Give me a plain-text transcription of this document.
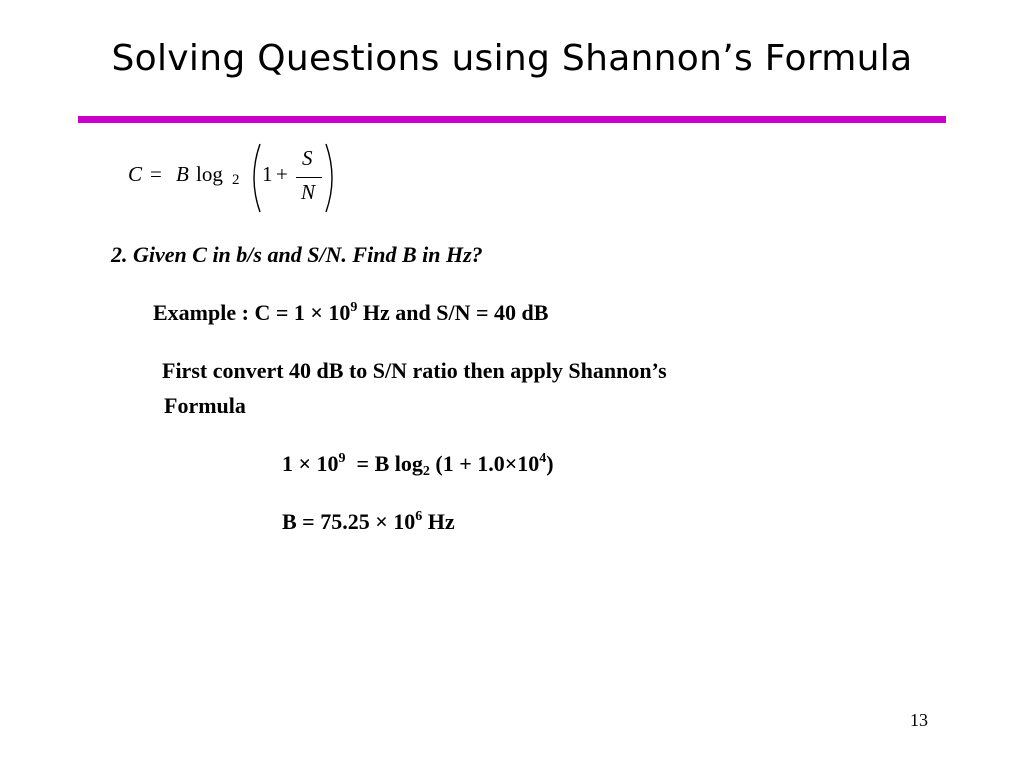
Solving Questions using Shannon’s Formula
C = B log 2 1 +
S
N
2. Given C in b/s and S/N. Find B in Hz?
Example : $C = 1 \times 10^9$ Hz and S/N = 40 dB
First convert 40 dB to S/N ratio then apply Shannon’s
Formula
$1 \times 10^9 = B$ $\log_2 (1 + 1.0\times 10^4)$
$B = 75.25 \times 10^6$ Hz
13
